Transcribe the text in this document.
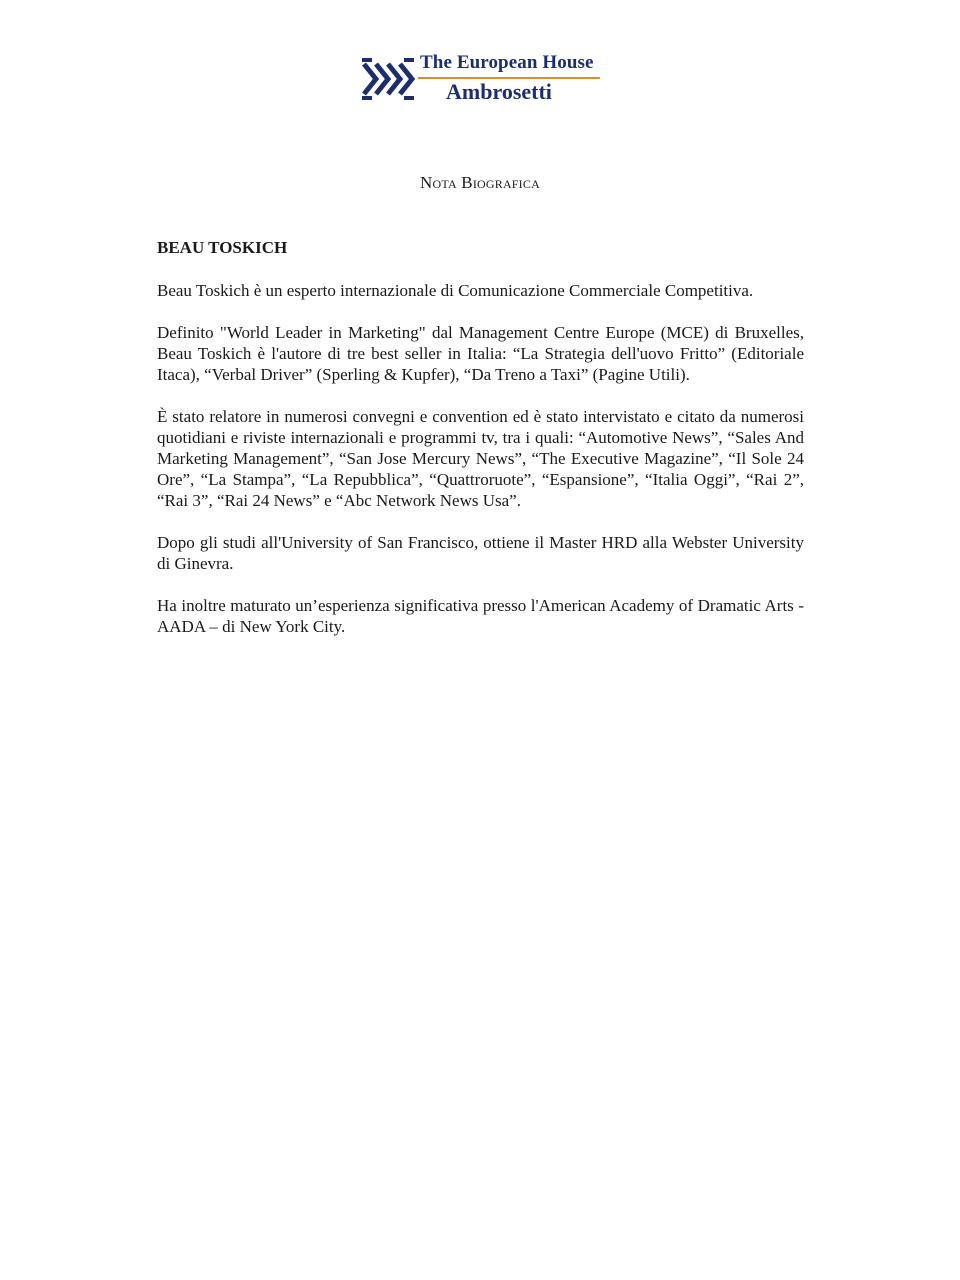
The European House
Ambrosetti
Nota Biografica
BEAU TOSKICH

Beau Toskich è un esperto internazionale di Comunicazione Commerciale Competitiva.

Definito "World Leader in Marketing" dal Management Centre Europe (MCE) di Bruxelles, Beau Toskich è l'autore di tre best seller in Italia: “La Strategia dell'uovo Fritto” (Editoriale Itaca), “Verbal Driver” (Sperling & Kupfer), “Da Treno a Taxi” (Pagine Utili).

È stato relatore in numerosi convegni e convention ed è stato intervistato e citato da numerosi quotidiani e riviste internazionali e programmi tv, tra i quali: “Automotive News”, “Sales And Marketing Management”, “San Jose Mercury News”, “The Executive Magazine”, “Il Sole 24 Ore”, “La Stampa”, “La Repubblica”, “Quattroruote”, “Espansione”, “Italia Oggi”, “Rai 2”, “Rai 3”, “Rai 24 News” e “Abc Network News Usa”.

Dopo gli studi all'University of San Francisco, ottiene il Master HRD alla Webster University di Ginevra.

Ha inoltre maturato un’esperienza significativa presso l'American Academy of Dramatic Arts - AADA – di New York City.
